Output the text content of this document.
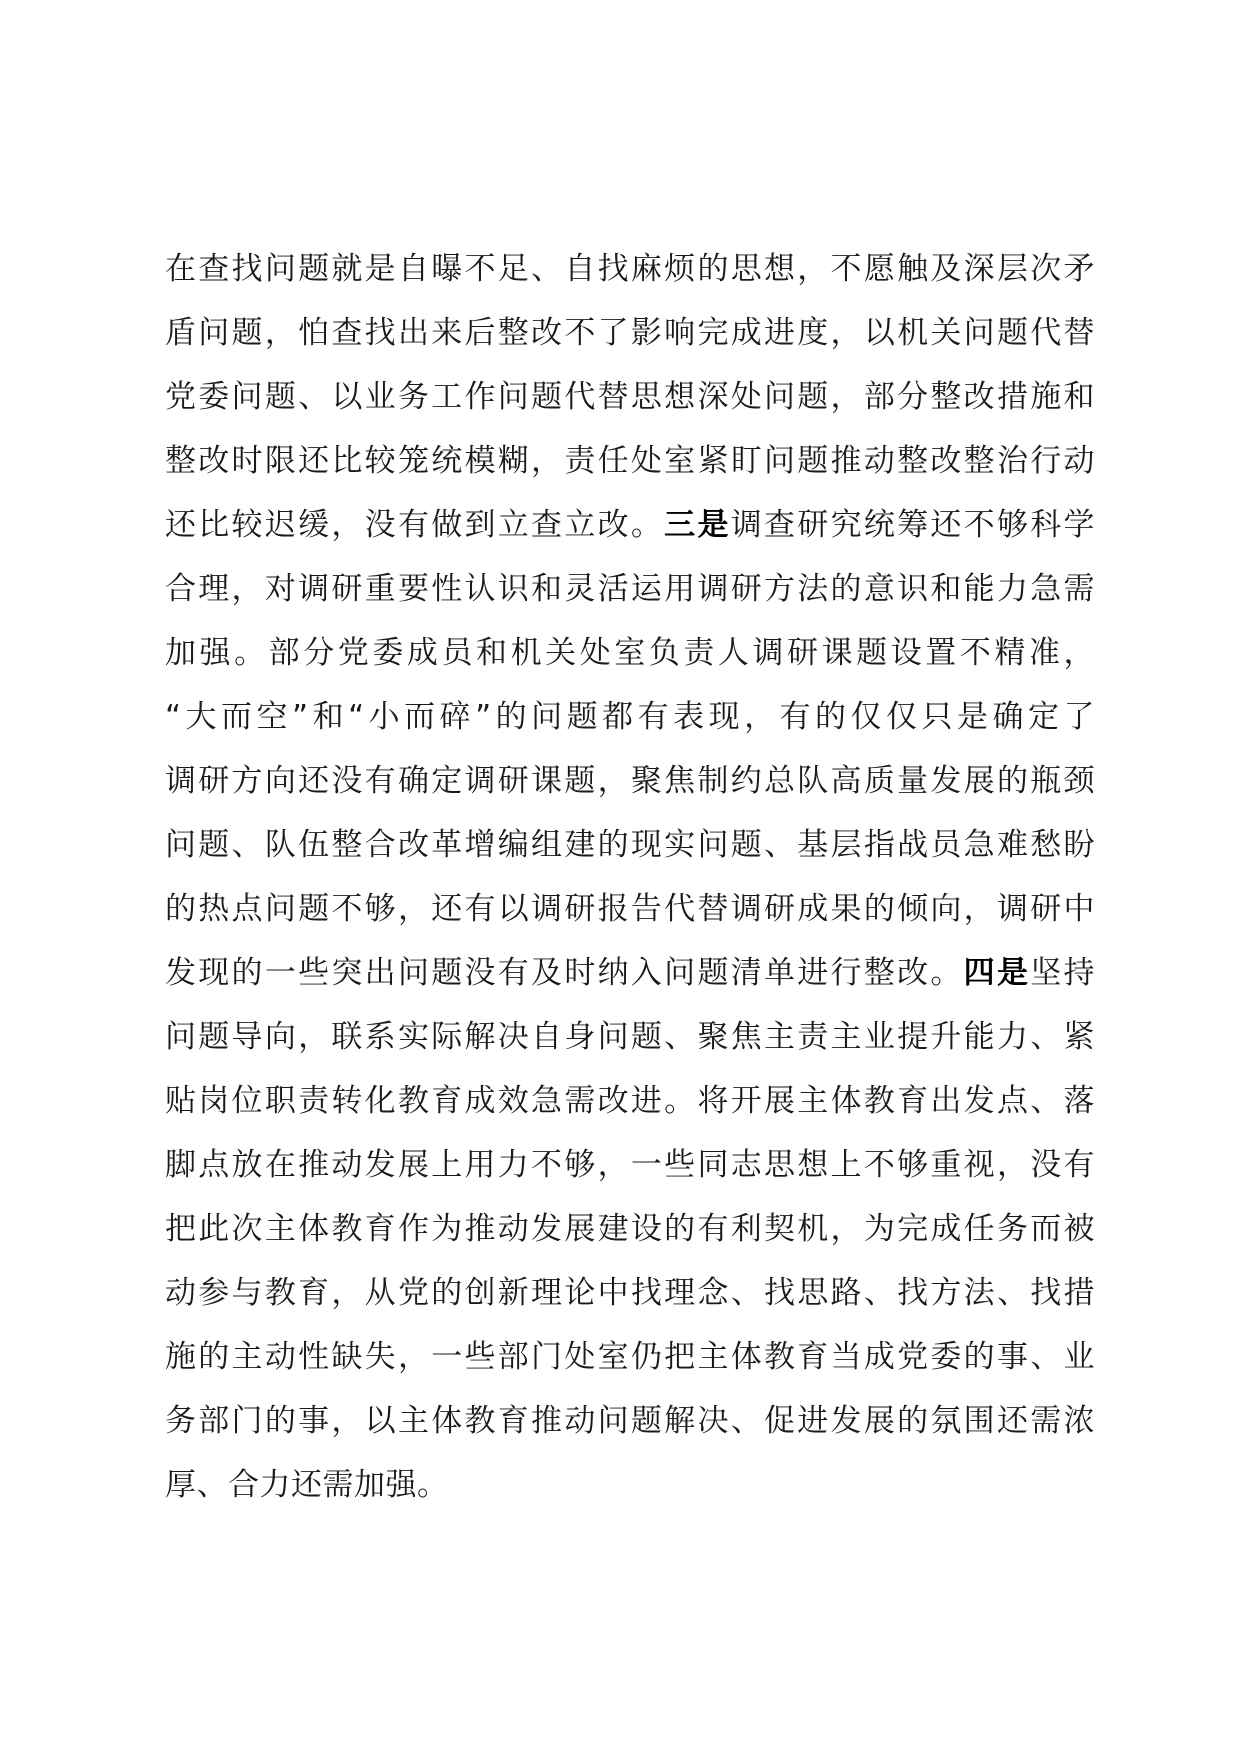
在查找问题就是自曝不足、自找麻烦的思想，不愿触及深层次矛
盾问题，怕查找出来后整改不了影响完成进度，以机关问题代替
党委问题、以业务工作问题代替思想深处问题，部分整改措施和
整改时限还比较笼统模糊，责任处室紧盯问题推动整改整治行动
还比较迟缓，没有做到立查立改。三是调查研究统筹还不够科学
合理，对调研重要性认识和灵活运用调研方法的意识和能力急需
加强。部分党委成员和机关处室负责人调研课题设置不精准，
“大而空”和“小而碎”的问题都有表现，有的仅仅只是确定了
调研方向还没有确定调研课题，聚焦制约总队高质量发展的瓶颈
问题、队伍整合改革增编组建的现实问题、基层指战员急难愁盼
的热点问题不够，还有以调研报告代替调研成果的倾向，调研中
发现的一些突出问题没有及时纳入问题清单进行整改。四是坚持
问题导向，联系实际解决自身问题、聚焦主责主业提升能力、紧
贴岗位职责转化教育成效急需改进。将开展主体教育出发点、落
脚点放在推动发展上用力不够，一些同志思想上不够重视，没有
把此次主体教育作为推动发展建设的有利契机，为完成任务而被
动参与教育，从党的创新理论中找理念、找思路、找方法、找措
施的主动性缺失，一些部门处室仍把主体教育当成党委的事、业
务部门的事，以主体教育推动问题解决、促进发展的氛围还需浓
厚、合力还需加强。
